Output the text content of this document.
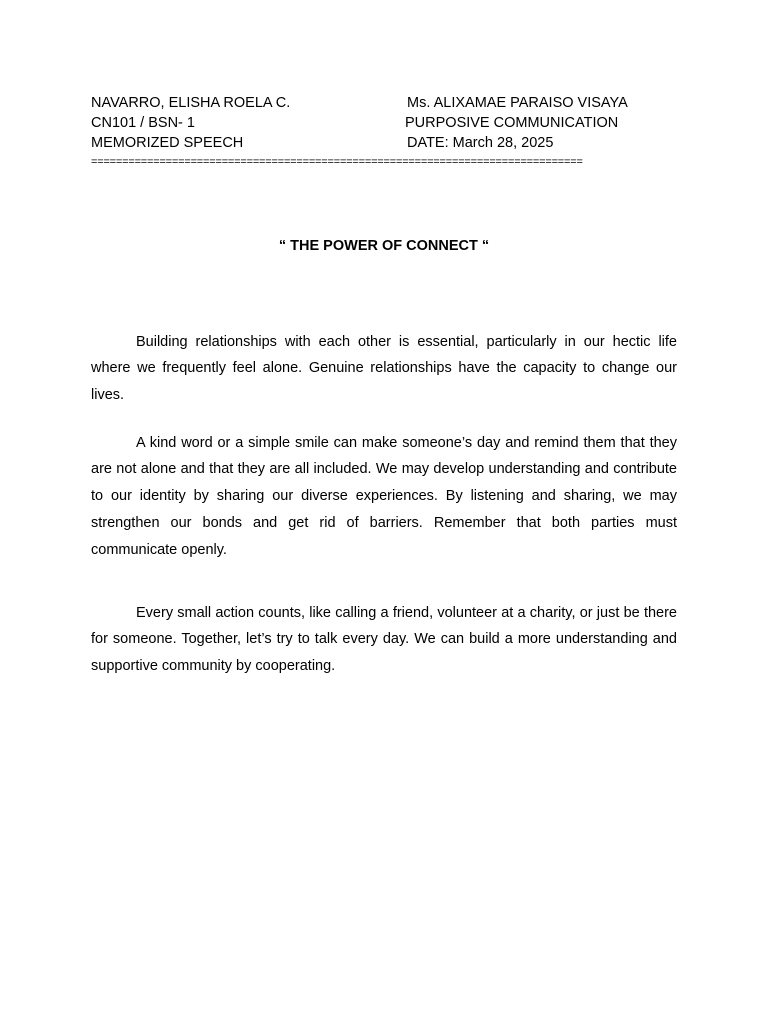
NAVARRO, ELISHA ROELA C.	Ms. ALIXAMAE PARAISO VISAYA
CN101 / BSN- 1	PURPOSIVE COMMUNICATION
MEMORIZED SPEECH	DATE: March 28, 2025
===============================================================================
“ THE POWER OF CONNECT “

Building relationships with each other is essential, particularly in our hectic life where we frequently feel alone. Genuine relationships have the capacity to change our lives.

A kind word or a simple smile can make someone’s day and remind them that they are not alone and that they are all included. We may develop understanding and contribute to our identity by sharing our diverse experiences. By listening and sharing, we may strengthen our bonds and get rid of barriers. Remember that both parties must communicate openly.

Every small action counts, like calling a friend, volunteer at a charity, or just be there for someone. Together, let’s try to talk every day. We can build a more understanding and supportive community by cooperating.
